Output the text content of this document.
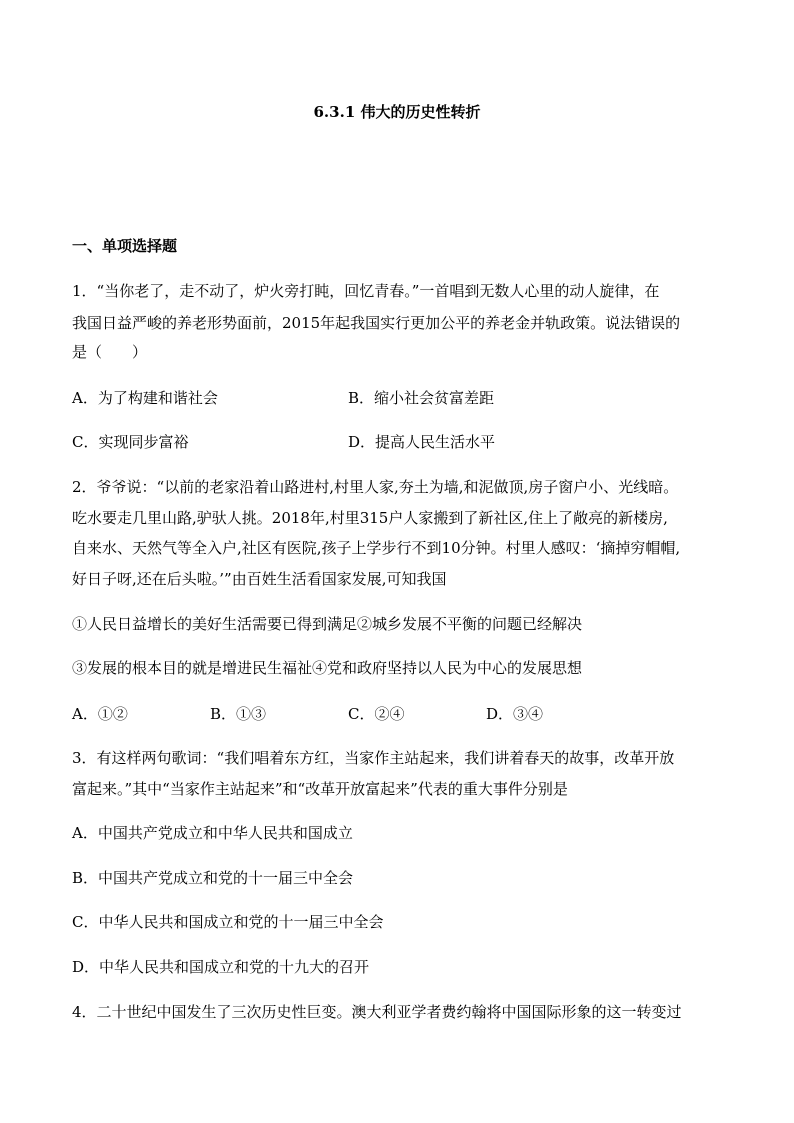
6.3.1 伟大的历史性转折
一、单项选择题
1．“当你老了，走不动了，炉火旁打盹，回忆青春。”一首唱到无数人心里的动人旋律，在
我国日益严峻的养老形势面前，2015年起我国实行更加公平的养老金并轨政策。说法错误的
是（　　）
A．为了构建和谐社会	B．缩小社会贫富差距
C．实现同步富裕	D．提高人民生活水平
2．爷爷说：“以前的老家沿着山路进村,村里人家,夯土为墙,和泥做顶,房子窗户小、光线暗。
吃水要走几里山路,驴驮人挑。2018年,村里315户人家搬到了新社区,住上了敞亮的新楼房,
自来水、天然气等全入户,社区有医院,孩子上学步行不到10分钟。村里人感叹：‘摘掉穷帽帽,
好日子呀,还在后头啦。’”由百姓生活看国家发展,可知我国
①人民日益增长的美好生活需要已得到满足②城乡发展不平衡的问题已经解决
③发展的根本目的就是增进民生福祉④党和政府坚持以人民为中心的发展思想
A．①②	B．①③	C．②④	D．③④
3．有这样两句歌词：“我们唱着东方红，当家作主站起来，我们讲着春天的故事，改革开放
富起来。”其中“当家作主站起来”和“改革开放富起来”代表的重大事件分别是
A．中国共产党成立和中华人民共和国成立
B．中国共产党成立和党的十一届三中全会
C．中华人民共和国成立和党的十一届三中全会
D．中华人民共和国成立和党的十九大的召开
4．二十世纪中国发生了三次历史性巨变。澳大利亚学者费约翰将中国国际形象的这一转变过
